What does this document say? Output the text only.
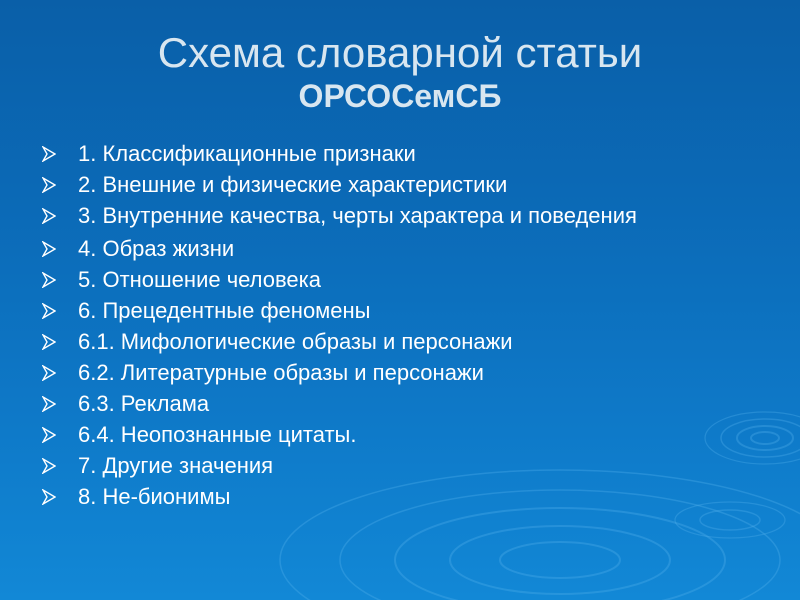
Схема словарной статьи
ОРСОСемСБ
1. Классификационные признаки
2. Внешние и физические характеристики
3. Внутренние качества, черты характера и поведения
4. Образ жизни
5. Отношение человека
6. Прецедентные феномены
6.1. Мифологические образы и персонажи
6.2. Литературные образы и персонажи
6.3. Реклама
6.4. Неопознанные цитаты.
7. Другие значения
8. Не-бионимы
